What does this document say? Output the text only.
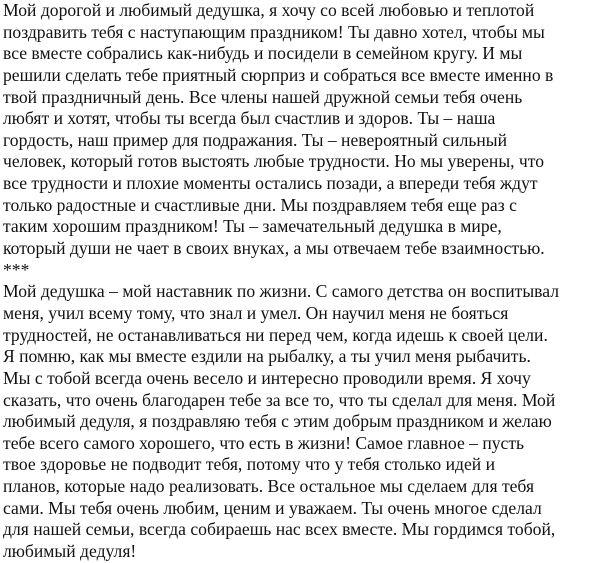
Мой дорогой и любимый дедушка, я хочу со всей любовью и теплотой
поздравить тебя с наступающим праздником! Ты давно хотел, чтобы мы
все вместе собрались как-нибудь и посидели в семейном кругу. И мы
решили сделать тебе приятный сюрприз и собраться все вместе именно в
твой праздничный день. Все члены нашей дружной семьи тебя очень
любят и хотят, чтобы ты всегда был счастлив и здоров. Ты – наша
гордость, наш пример для подражания. Ты – невероятный сильный
человек, который готов выстоять любые трудности. Но мы уверены, что
все трудности и плохие моменты остались позади, а впереди тебя ждут
только радостные и счастливые дни. Мы поздравляем тебя еще раз с
таким хорошим праздником! Ты – замечательный дедушка в мире,
который души не чает в своих внуках, а мы отвечаем тебе взаимностью.
***
Мой дедушка – мой наставник по жизни. С самого детства он воспитывал
меня, учил всему тому, что знал и умел. Он научил меня не бояться
трудностей, не останавливаться ни перед чем, когда идешь к своей цели.
Я помню, как мы вместе ездили на рыбалку, а ты учил меня рыбачить.
Мы с тобой всегда очень весело и интересно проводили время. Я хочу
сказать, что очень благодарен тебе за все то, что ты сделал для меня. Мой
любимый дедуля, я поздравляю тебя с этим добрым праздником и желаю
тебе всего самого хорошего, что есть в жизни! Самое главное – пусть
твое здоровье не подводит тебя, потому что у тебя столько идей и
планов, которые надо реализовать. Все остальное мы сделаем для тебя
сами. Мы тебя очень любим, ценим и уважаем. Ты очень многое сделал
для нашей семьи, всегда собираешь нас всех вместе. Мы гордимся тобой,
любимый дедуля!
